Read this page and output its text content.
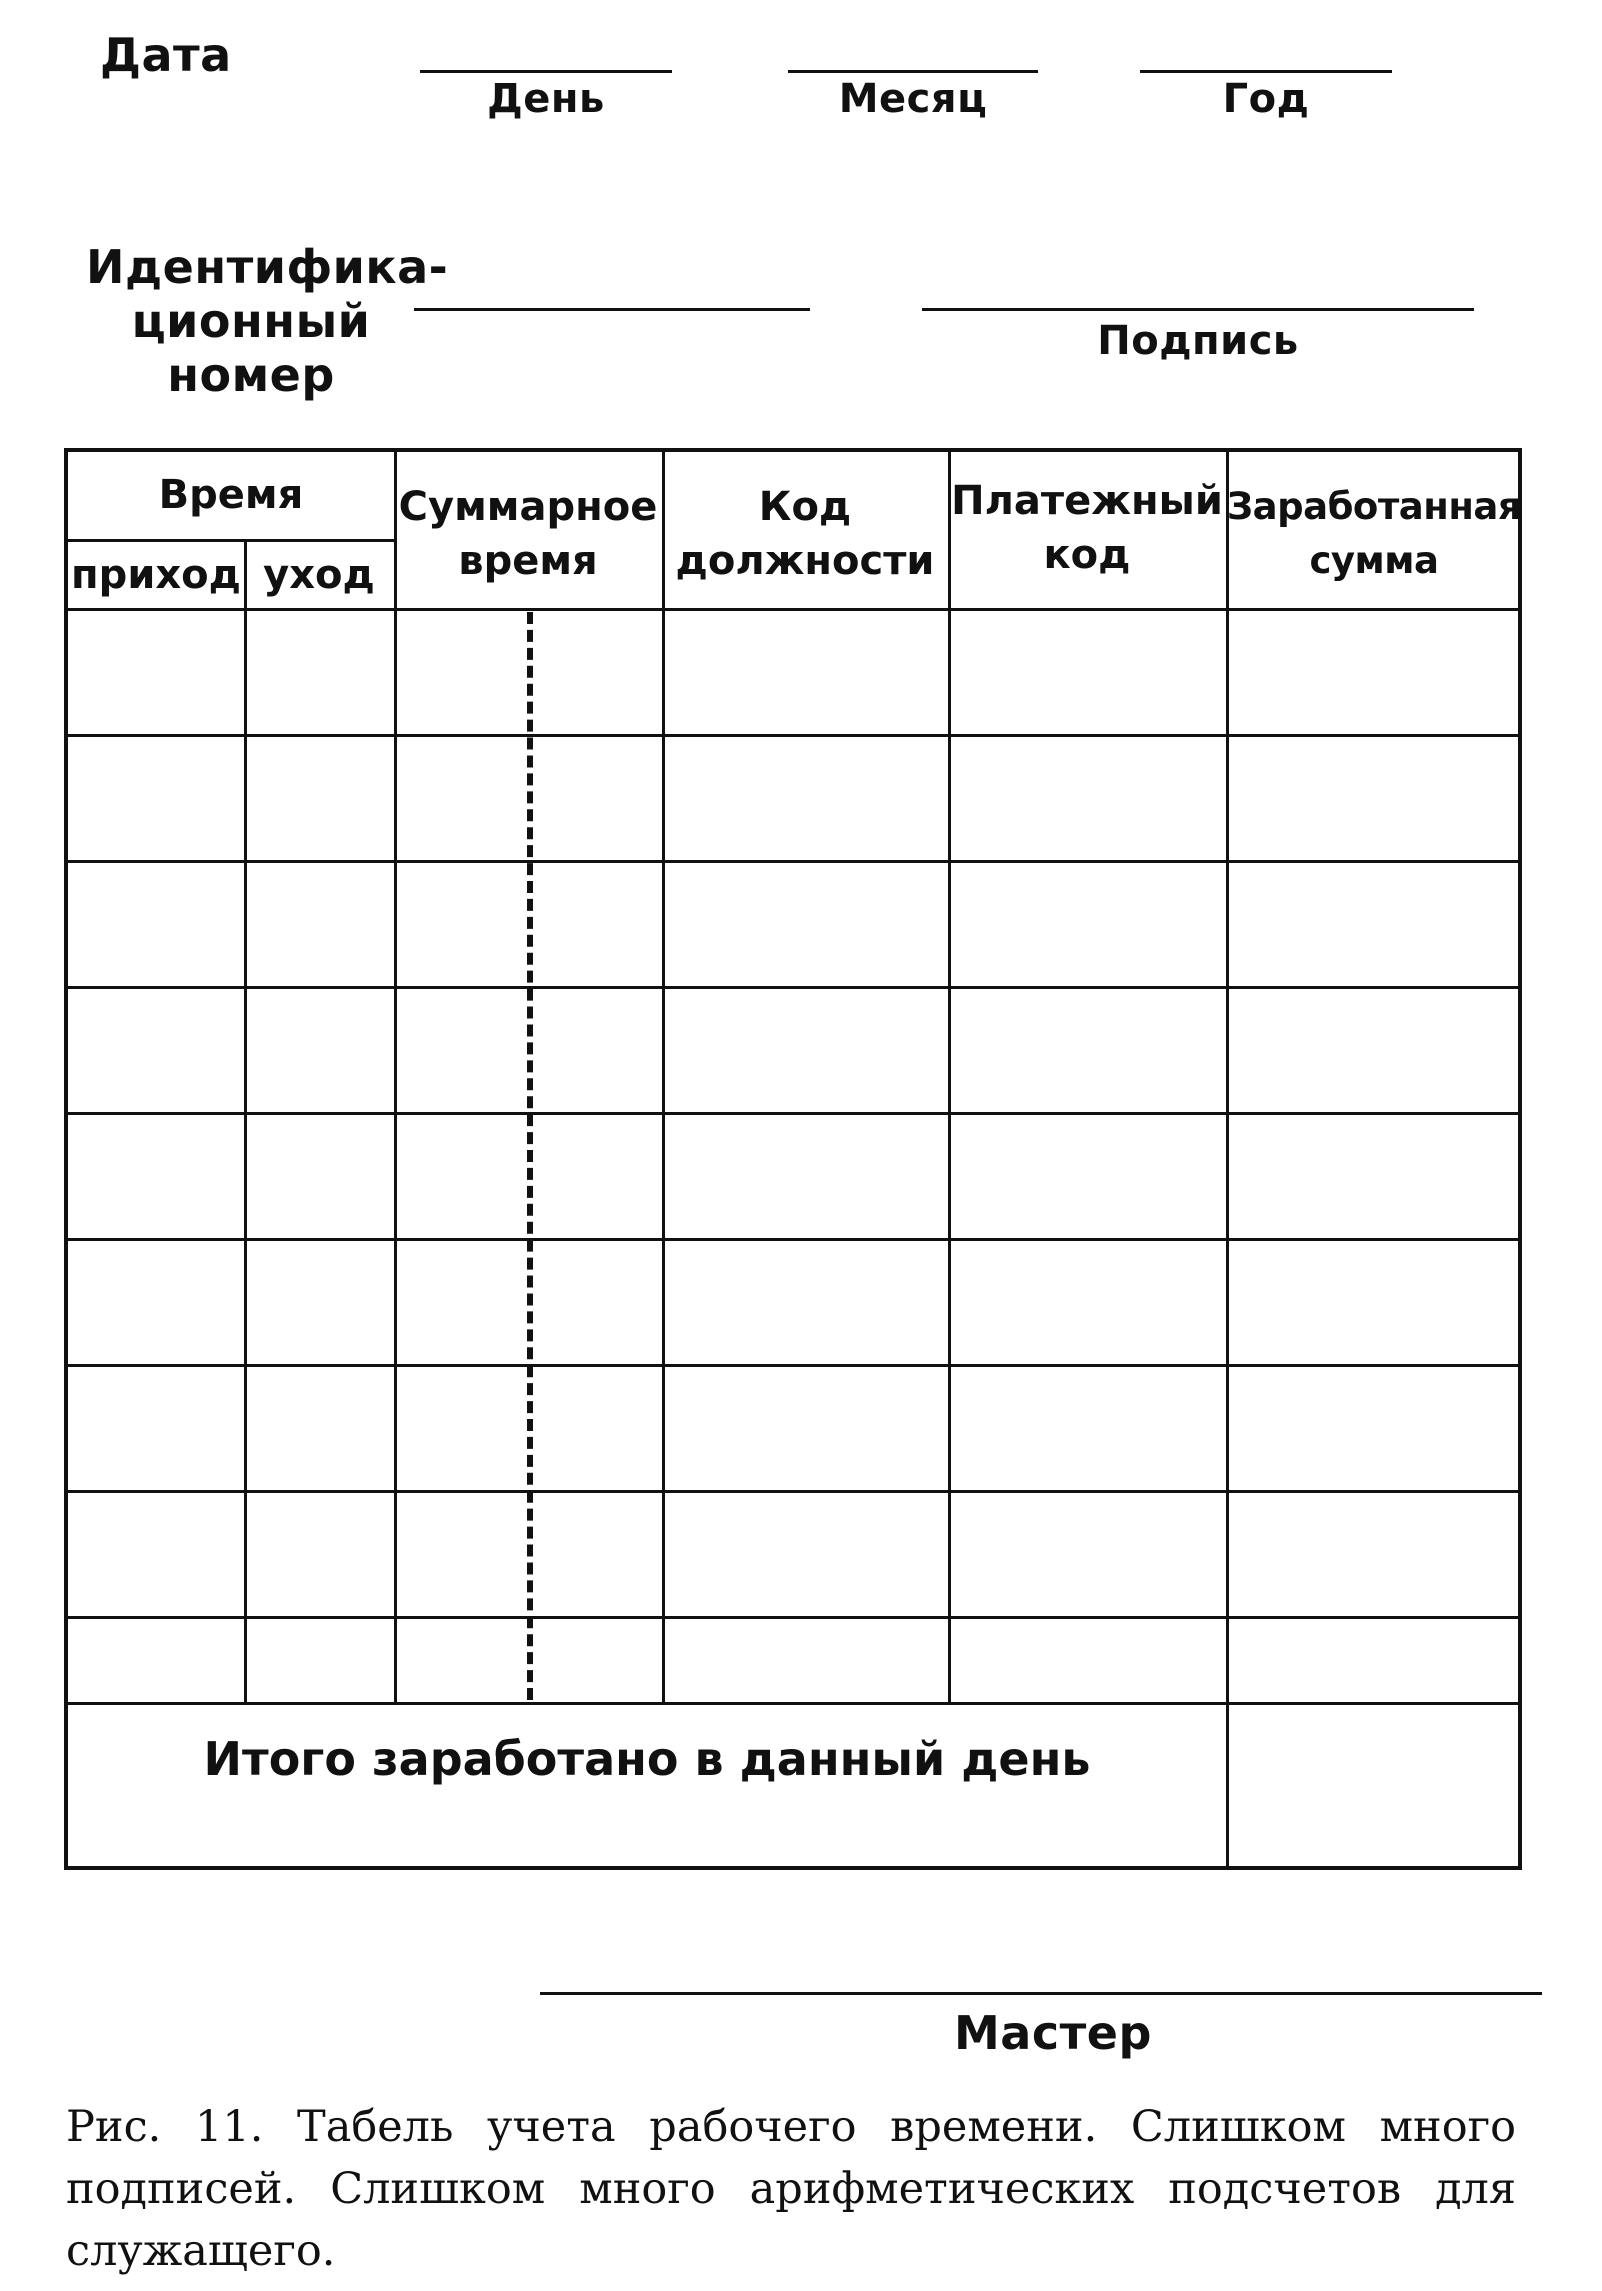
Дата
День	Месяц	Год
Идентифика-
ционный
номер
Подпись
Время
приход уход
Суммарное
время
Код
должности
Платежный
код
Заработанная
сумма
Итого заработано в данный день
Мастер
Рис. 11. Табель учета рабочего времени. Слишком много подписей. Слишком много арифметических подсчетов для служащего.
